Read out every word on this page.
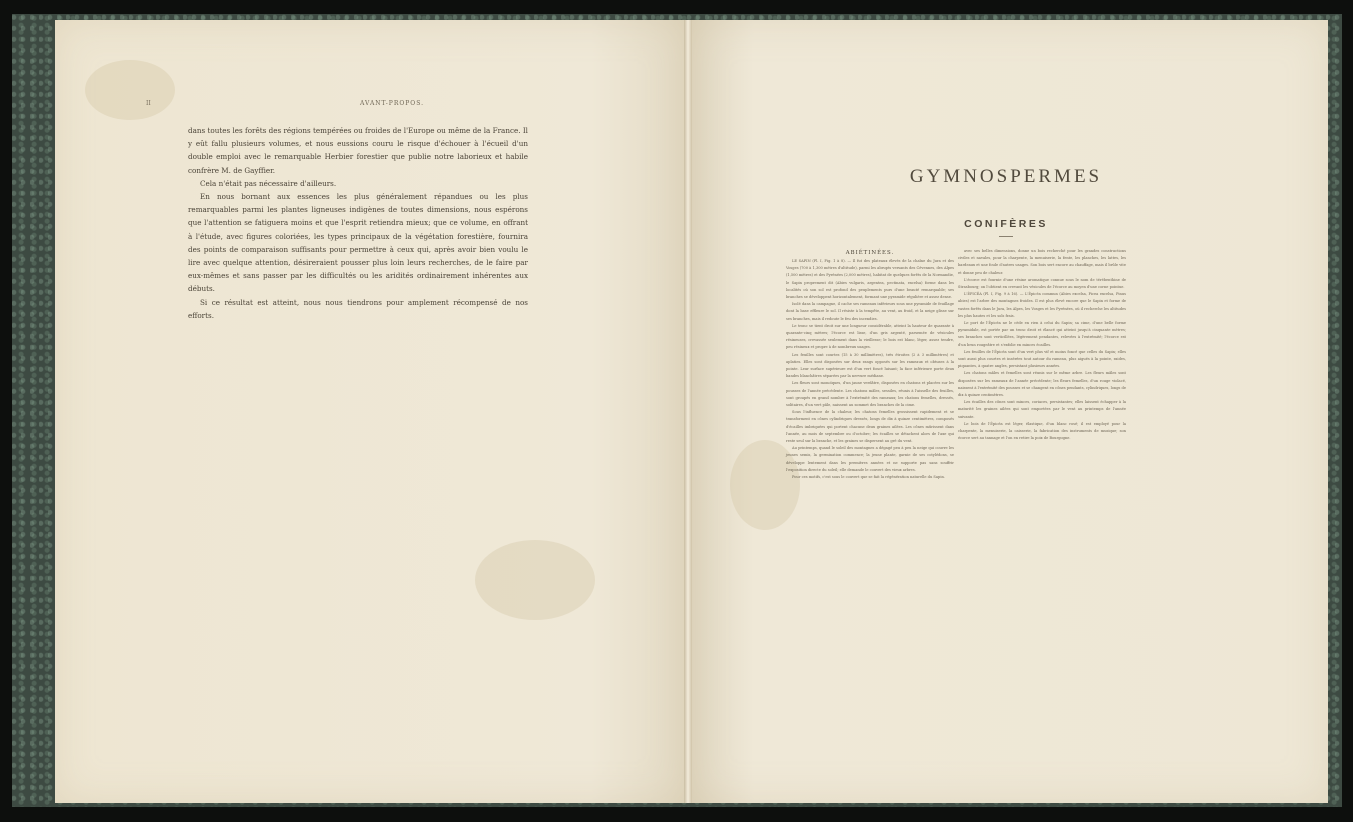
II	AVANT-PROPOS.

dans toutes les forêts des régions tempérées ou froides de l'Europe ou même de la France. Il y eût fallu plusieurs volumes, et nous eussions couru le risque d'échouer à l'écueil d'un double emploi avec le remarquable Herbier forestier que publie notre laborieux et habile confrère M. de Gayffier.

Cela n'était pas nécessaire d'ailleurs.

En nous bornant aux essences les plus généralement répandues ou les plus remarquables parmi les plantes ligneuses indigènes de toutes dimensions, nous espérons que l'attention se fatiguera moins et que l'esprit retiendra mieux; que ce volume, en offrant à l'étude, avec figures coloriées, les types principaux de la végétation forestière, fournira des points de comparaison suffisants pour permettre à ceux qui, après avoir bien voulu le lire avec quelque attention, désireraient pousser plus loin leurs recherches, de le faire par eux-mêmes et sans passer par les difficultés ou les aridités ordinairement inhérentes aux débuts.

Si ce résultat est atteint, nous nous tiendrons pour amplement récompensé de nos efforts.

GYMNOSPERMES
CONIFÈRES

ABIÉTINÉES.

LE SAPIN (Pl. I, Fig. 1 à 8). — Il fut des plateaux élevés de la chaîne du Jura et des Vosges (700 à 1,300 mètres d'altitude), parmi les abrupts versants des Cévennes, des Alpes (1,500 mètres) et des Pyrénées (2,000 mètres), habitat de quelques forêts de la Normandie, le Sapin proprement dit (Abies vulgaris, argentea, pectinata, excelsa) forme dans les localités où son sol est profond des peuplements purs d'une beauté remarquable; ses branches se développent horizontalement, formant une pyramide régulière et assez dense.

Isolé dans la campagne, il cache ses rameaux inférieurs sous une pyramide de feuillage dont la base effleure le sol. Il résiste à la tempête, au vent, au froid, et la neige glisse sur ses branches, mais il redoute le feu des incendies.

Le tronc se tient droit sur une longueur considérable, atteint la hauteur de quarante à quarante-cinq mètres; l'écorce est lisse, d'un gris argenté, parsemée de vésicules résineuses, crevassée seulement dans la vieillesse; le bois est blanc, léger, assez tendre, peu résineux et propre à de nombreux usages.

Les feuilles sont courtes (15 à 30 millimètres), très étroites (2 à 3 millimètres) et aplaties. Elles sont disposées sur deux rangs opposés sur les rameaux et obtuses à la pointe. Leur surface supérieure est d'un vert foncé luisant; la face inférieure porte deux bandes blanchâtres séparées par la nervure médiane.

Les fleurs sont monoïques, d'un jaune verdâtre, disposées en chatons et placées sur les pousses de l'année précédente. Les chatons mâles, sessiles, réunis à l'aisselle des feuilles, sont groupés en grand nombre à l'extrémité des rameaux; les chatons femelles, dressés, solitaires, d'un vert pâle, naissent au sommet des branches de la cime.

Sous l'influence de la chaleur, les chatons femelles grossissent rapidement et se transforment en cônes cylindriques dressés, longs de dix à quinze centimètres, composés d'écailles imbriquées qui portent chacune deux graines ailées. Les cônes mûrissent dans l'année, au mois de septembre ou d'octobre; les écailles se détachent alors de l'axe qui reste seul sur la branche, et les graines se dispersent au gré du vent.

Au printemps, quand le soleil des montagnes a dégagé peu à peu la neige qui couvre les jeunes semis, la germination commence; la jeune plante, garnie de ses cotylédons, se développe lentement dans les premières années et ne supporte pas sans souffrir l'exposition directe du soleil; elle demande le couvert des vieux arbres.

Pour ces motifs, c'est sous le couvert que se fait la régénération naturelle du Sapin.

avec ses belles dimensions, donne un bois recherché pour les grandes constructions civiles et navales, pour la charpente, la menuiserie, la fente, les planches, les lattes, les bardeaux et une foule d'autres usages. Son bois sert encore au chauffage, mais il brûle vite et donne peu de chaleur.

L'écorce est fournie d'une résine aromatique connue sous le nom de térébenthine de Strasbourg; on l'obtient en crevant les vésicules de l'écorce au moyen d'une corne pointue.

L'ÉPICÉA (Pl. I, Fig. 9 à 16). — L'Épicéa commun (Abies excelsa, Picea excelsa, Pinus abies) est l'arbre des montagnes froides. Il est plus élevé encore que le Sapin et forme de vastes forêts dans le Jura, les Alpes, les Vosges et les Pyrénées, où il recherche les altitudes les plus hautes et les sols frais.

Le port de l'Épicéa ne le cède en rien à celui du Sapin; sa cime, d'une belle forme pyramidale, est portée par un tronc droit et élancé qui atteint jusqu'à cinquante mètres; ses branches sont verticillées, légèrement pendantes, relevées à l'extrémité; l'écorce est d'un brun rougeâtre et s'exfolie en minces écailles.

Les feuilles de l'Épicéa sont d'un vert plus vif et moins foncé que celles du Sapin; elles sont aussi plus courtes et insérées tout autour du rameau, plus aiguës à la pointe, raides, piquantes, à quatre angles, persistant plusieurs années.

Les chatons mâles et femelles sont réunis sur le même arbre. Les fleurs mâles sont disposées sur les rameaux de l'année précédente; les fleurs femelles, d'un rouge violacé, naissent à l'extrémité des pousses et se changent en cônes pendants, cylindriques, longs de dix à quinze centimètres.

Les écailles des cônes sont minces, coriaces, persistantes; elles laissent échapper à la maturité les graines ailées qui sont emportées par le vent au printemps de l'année suivante.

Le bois de l'Épicéa est léger, élastique, d'un blanc rosé; il est employé pour la charpente, la menuiserie, la caisserie, la fabrication des instruments de musique; son écorce sert au tannage et l'on en retire la poix de Bourgogne.
